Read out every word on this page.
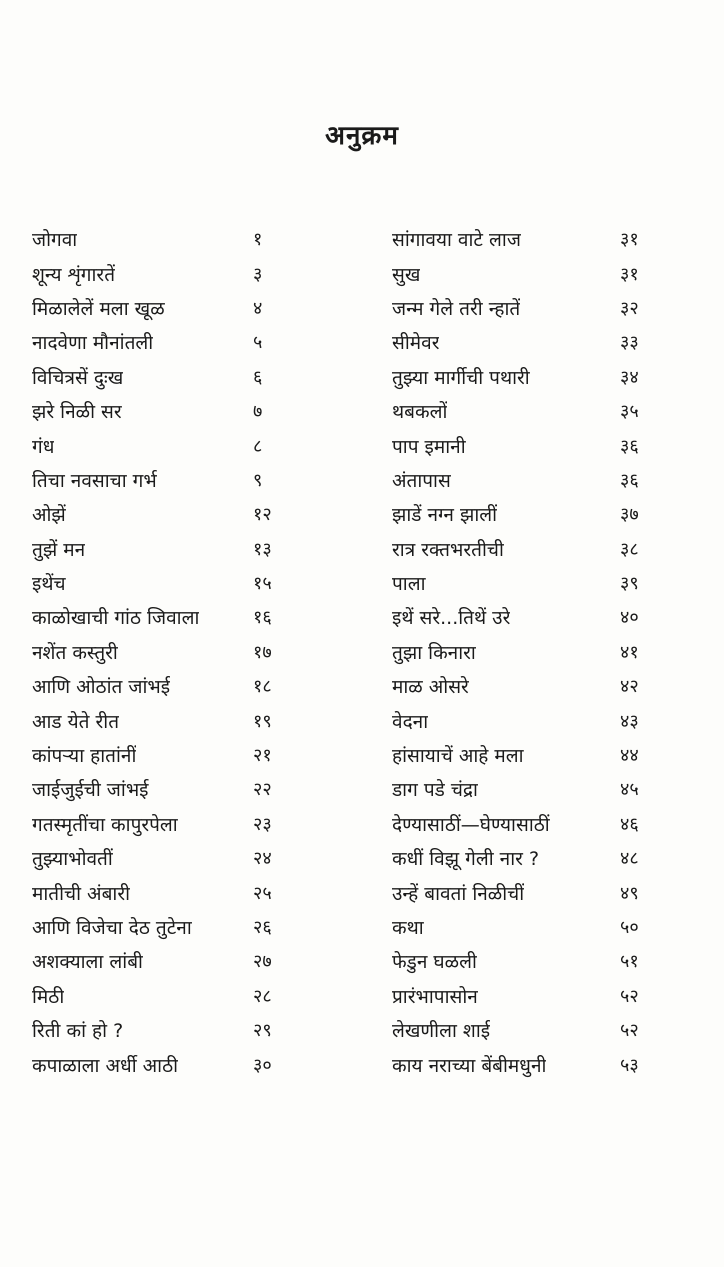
अनुक्रम
जोगवा	१
शून्य शृंगारतें	३
मिळालेलें मला खूळ	४
नादवेणा मौनांतली	५
विचित्रसें दुःख	६
झरे निळी सर	७
गंध	८
तिचा नवसाचा गर्भ	९
ओझें	१२
तुझें मन	१३
इथेंच	१५
काळोखाची गांठ जिवाला	१६
नशेंत कस्तुरी	१७
आणि ओठांत जांभई	१८
आड येते रीत	१९
कांपऱ्या हातांनीं	२१
जाईजुईची जांभई	२२
गतस्मृतींचा कापुरपेला	२३
तुझ्याभोवतीं	२४
मातीची अंबारी	२५
आणि विजेचा देठ तुटेना	२६
अशक्याला लांबी	२७
मिठी	२८
रिती कां हो ?	२९
कपाळाला अर्धी आठी	३०
सांगावया वाटे लाज	३१
सुख	३१
जन्म गेले तरी न्हातें	३२
सीमेवर	३३
तुझ्या मार्गीची पथारी	३४
थबकलों	३५
पाप इमानी	३६
अंतापास	३६
झाडें नग्न झालीं	३७
रात्र रक्तभरतीची	३८
पाला	३९
इथें सरे...तिथें उरे	४०
तुझा किनारा	४१
माळ ओसरे	४२
वेदना	४३
हांसायाचें आहे मला	४४
डाग पडे चंद्रा	४५
देण्यासाठीं—घेण्यासाठीं	४६
कधीं विझू गेली नार ?	४८
उन्हें बावतां निळीचीं	४९
कथा	५०
फेडुन घळली	५१
प्रारंभापासोन	५२
लेखणीला शाई	५२
काय नराच्या बेंबीमधुनी	५३
